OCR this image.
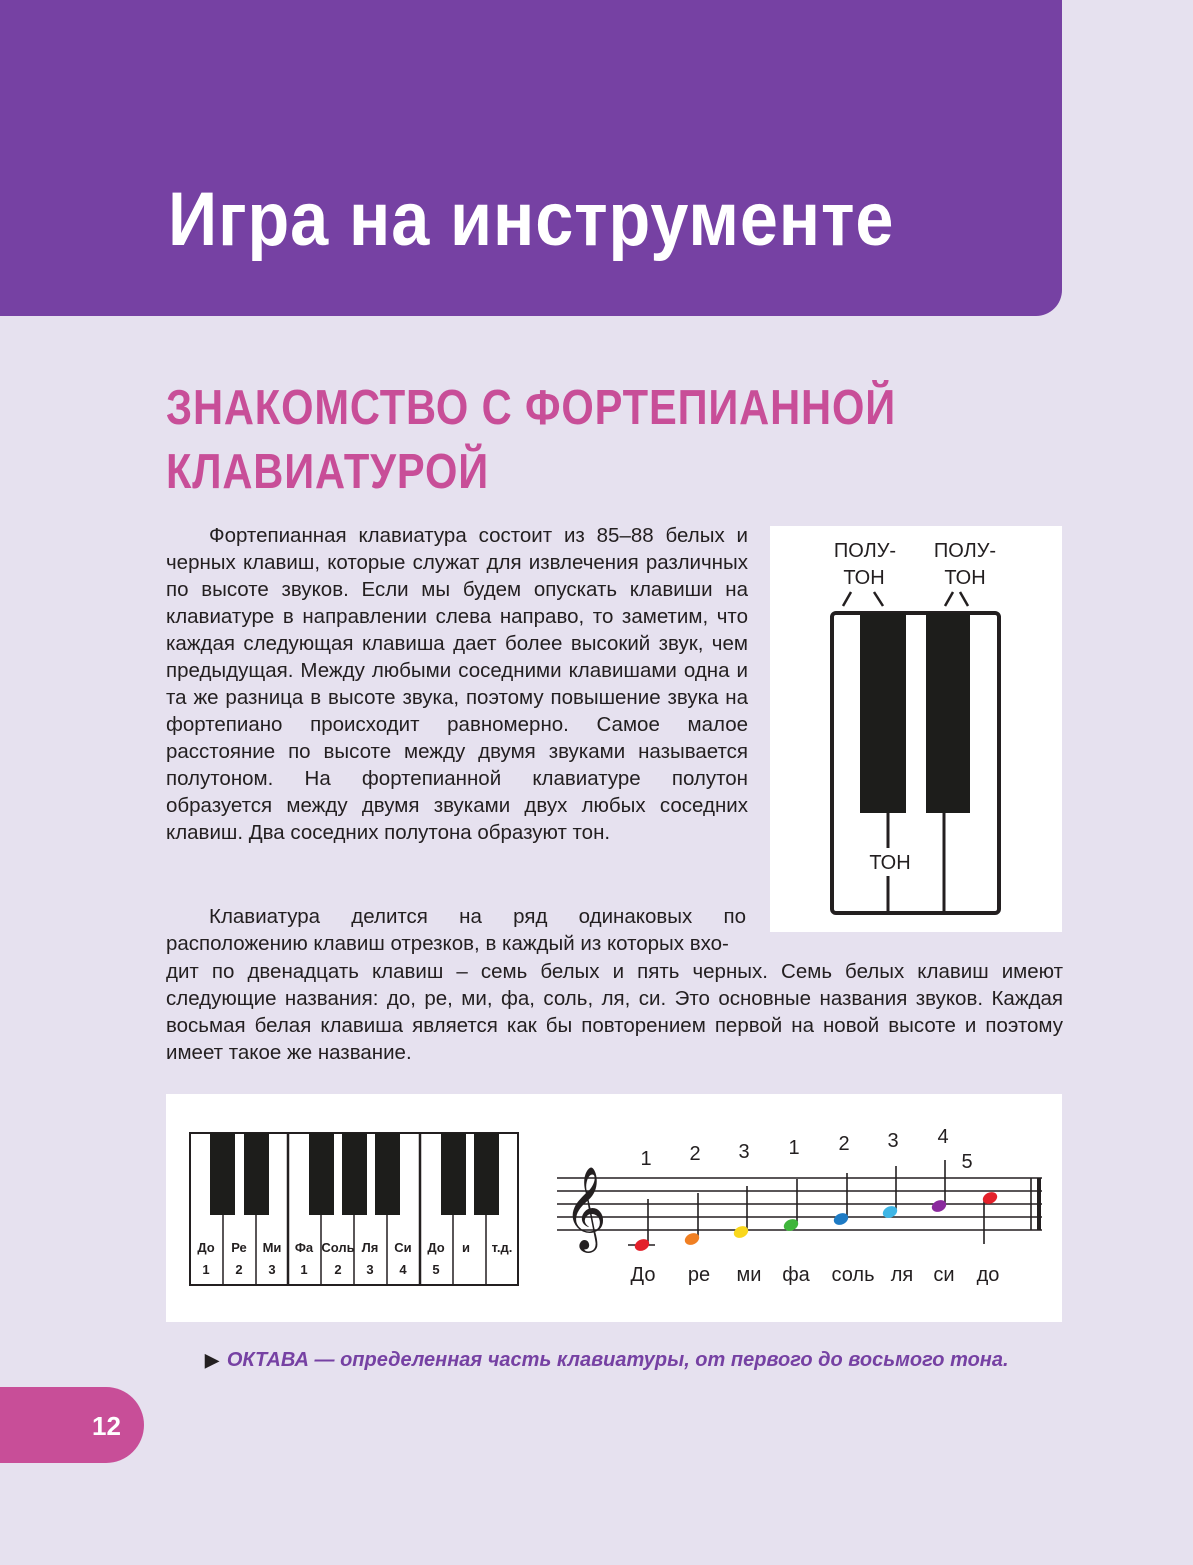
Игра на инструменте
ЗНАКОМСТВО С ФОРТЕПИАННОЙ КЛАВИАТУРОЙ

Фортепианная клавиатура состоит из 85–88 белых и черных клавиш, которые служат для извлечения различных по высоте звуков. Если мы будем опускать клавиши на клавиатуре в направлении слева направо, то заметим, что каждая следующая клавиша дает более высокий звук, чем предыдущая. Между любыми соседними клавишами одна и та же разница в высоте звука, поэтому повышение звука на фортепиано происходит равномерно. Самое малое расстояние по высоте между двумя звуками называется полутоном. На фортепианной клавиатуре полутон образуется между двумя звуками двух любых соседних клавиш. Два соседних полутона образуют тон.

ПОЛУ-
ТОН
ПОЛУ-
ТОН
ТОН

Клавиатура делится на ряд одинаковых по расположению клавиш отрезков, в каждый из которых вхо-

дит по двенадцать клавиш – семь белых и пять черных. Семь белых клавиш имеют следующие названия: до, ре, ми, фа, соль, ля, си. Это основные названия звуков. Каждая восьмая белая клавиша является как бы повторением первой на новой высоте и поэтому имеет такое же название.

До Ре Ми Фа Соль Ля Си До и т.д.
1 2 3 1 2 3 4 5
𝄞
1 2 3 1 2 3 4
5
До ре ми фа соль ля си до

▶ ОКТАВА — определенная часть клавиатуры, от первого до восьмого тона.

12
